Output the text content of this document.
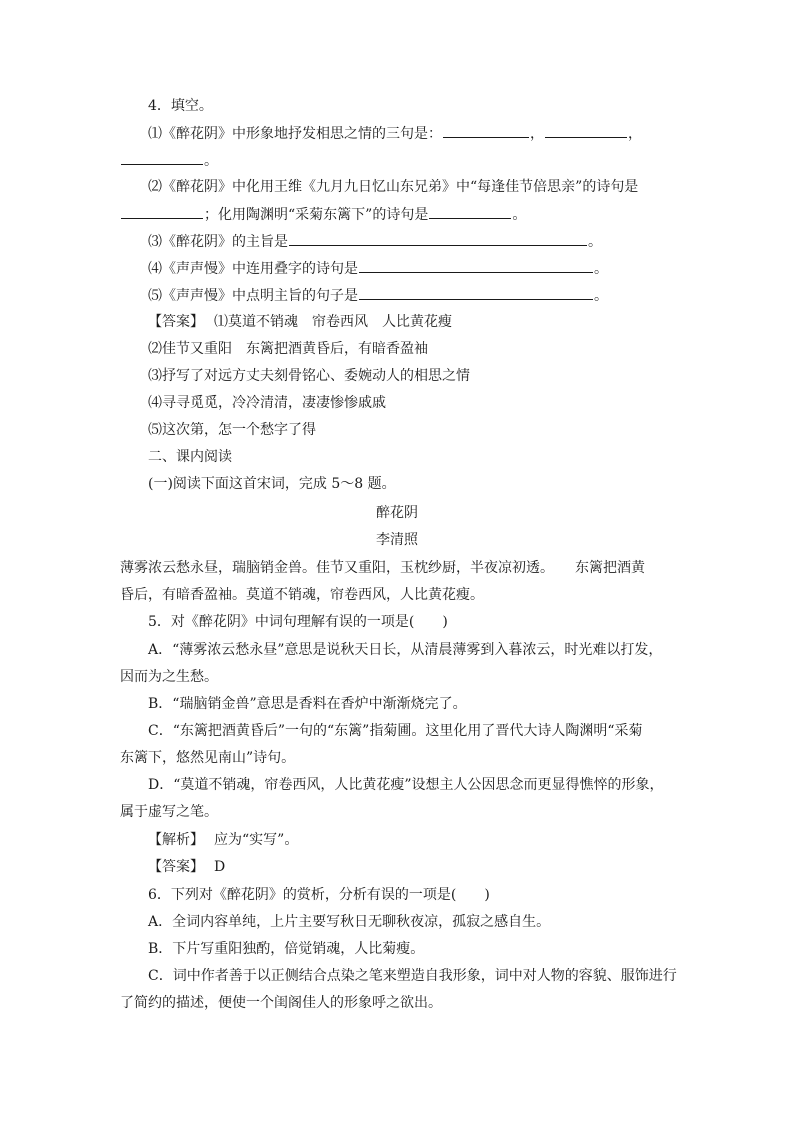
4．填空。
⑴《醉花阴》中形象地抒发相思之情的三句是：	，	，
。
⑵《醉花阴》中化用王维《九月九日忆山东兄弟》中“每逢佳节倍思亲”的诗句是
；化用陶渊明“采菊东篱下”的诗句是	。
⑶《醉花阴》的主旨是	。
⑷《声声慢》中连用叠字的诗句是	。
⑸《声声慢》中点明主旨的句子是	。
【答案】 ⑴莫道不销魂　帘卷西风　人比黄花瘦
⑵佳节又重阳　东篱把酒黄昏后，有暗香盈袖
⑶抒写了对远方丈夫刻骨铭心、委婉动人的相思之情
⑷寻寻觅觅，冷冷清清，凄凄惨惨戚戚
⑸这次第，怎一个愁字了得
二、课内阅读
(一)阅读下面这首宋词，完成 5～8 题。
醉花阴
李清照
薄雾浓云愁永昼，瑞脑销金兽。佳节又重阳，玉枕纱厨，半夜凉初透。　　东篱把酒黄
昏后，有暗香盈袖。莫道不销魂，帘卷西风，人比黄花瘦。
5．对《醉花阴》中词句理解有误的一项是(　　)
A．“薄雾浓云愁永昼”意思是说秋天日长，从清晨薄雾到入暮浓云，时光难以打发，
因而为之生愁。
B．“瑞脑销金兽”意思是香料在香炉中渐渐烧完了。
C．“东篱把酒黄昏后”一句的“东篱”指菊圃。这里化用了晋代大诗人陶渊明“采菊
东篱下，悠然见南山”诗句。
D．“莫道不销魂，帘卷西风，人比黄花瘦”设想主人公因思念而更显得憔悴的形象，
属于虚写之笔。
【解析】 应为“实写”。
【答案】 D
6．下列对《醉花阴》的赏析，分析有误的一项是(　　)
A．全词内容单纯，上片主要写秋日无聊秋夜凉，孤寂之感自生。
B．下片写重阳独酌，倍觉销魂，人比菊瘦。
C．词中作者善于以正侧结合点染之笔来塑造自我形象，词中对人物的容貌、服饰进行
了简约的描述，便使一个闺阁佳人的形象呼之欲出。
